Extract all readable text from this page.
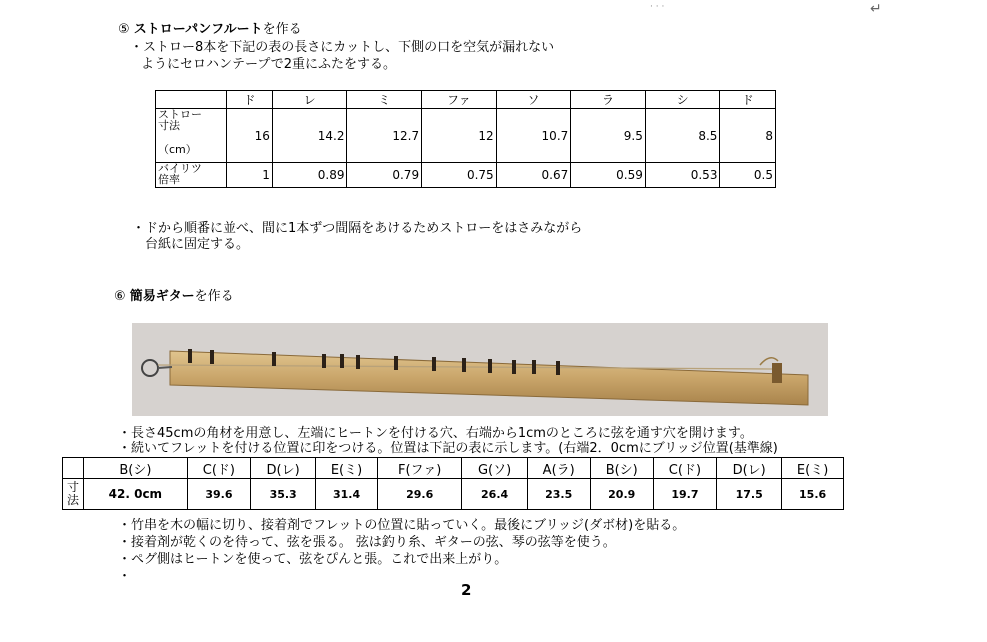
· · ·	↵
⑤ ストローパンフルートを作る
・ストロー8本を下記の表の長さにカットし、下側の口を空気が漏れない
ようにセロハンテープで2重にふたをする。
	ド	レ	ミ	ファ	ソ	ラ	シ	ド

ストロー
寸法
（cm）	16	14.2	12.7	12	10.7	9.5	8.5	8

バイリツ
倍率	1	0.89	0.79	0.75	0.67	0.59	0.53	0.5
・ドから順番に並べ、間に1本ずつ間隔をあけるためストローをはさみながら
台紙に固定する。
⑥ 簡易ギターを作る
・長さ45cmの角材を用意し、左端にヒートンを付ける穴、右端から1cmのところに弦を通す穴を開けます。
・続いてフレットを付ける位置に印をつける。位置は下記の表に示します。(右端2．0cmにブリッジ位置(基準線)
	B(シ)	C(ド)	D(レ)	E(ミ)	F(ファ)	G(ソ)	A(ラ)	B(シ)	C(ド)	D(レ)	E(ミ)

寸
法	42. 0cm	39.6	35.3	31.4	29.6	26.4	23.5	20.9	19.7	17.5	15.6
・竹串を木の幅に切り、接着剤でフレットの位置に貼っていく。最後にブリッジ(ダボ材)を貼る。
・接着剤が乾くのを待って、弦を張る。 弦は釣り糸、ギターの弦、琴の弦等を使う。
・ペグ側はヒートンを使って、弦をぴんと張。これで出来上がり。
・
2
